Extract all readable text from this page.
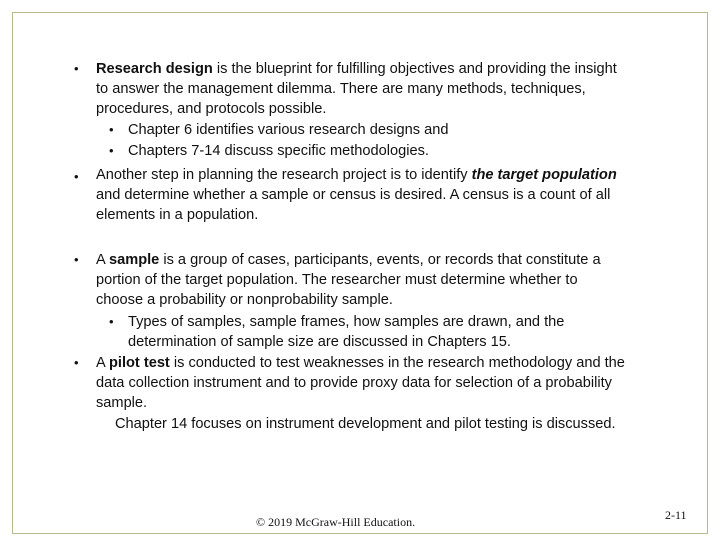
• Research design is the blueprint for fulfilling objectives and providing the insight
to answer the management dilemma. There are many methods, techniques,
procedures, and protocols possible.
• Chapter 6 identifies various research designs and
• Chapters 7-14 discuss specific methodologies.
• Another step in planning the research project is to identify the target population
and determine whether a sample or census is desired. A census is a count of all
elements in a population.
• A sample is a group of cases, participants, events, or records that constitute a
portion of the target population. The researcher must determine whether to
choose a probability or nonprobability sample.
• Types of samples, sample frames, how samples are drawn, and the
determination of sample size are discussed in Chapters 15.
• A pilot test is conducted to test weaknesses in the research methodology and the
data collection instrument and to provide proxy data for selection of a probability
sample.
Chapter 14 focuses on instrument development and pilot testing is discussed.
© 2019 McGraw-Hill Education.	2-11
